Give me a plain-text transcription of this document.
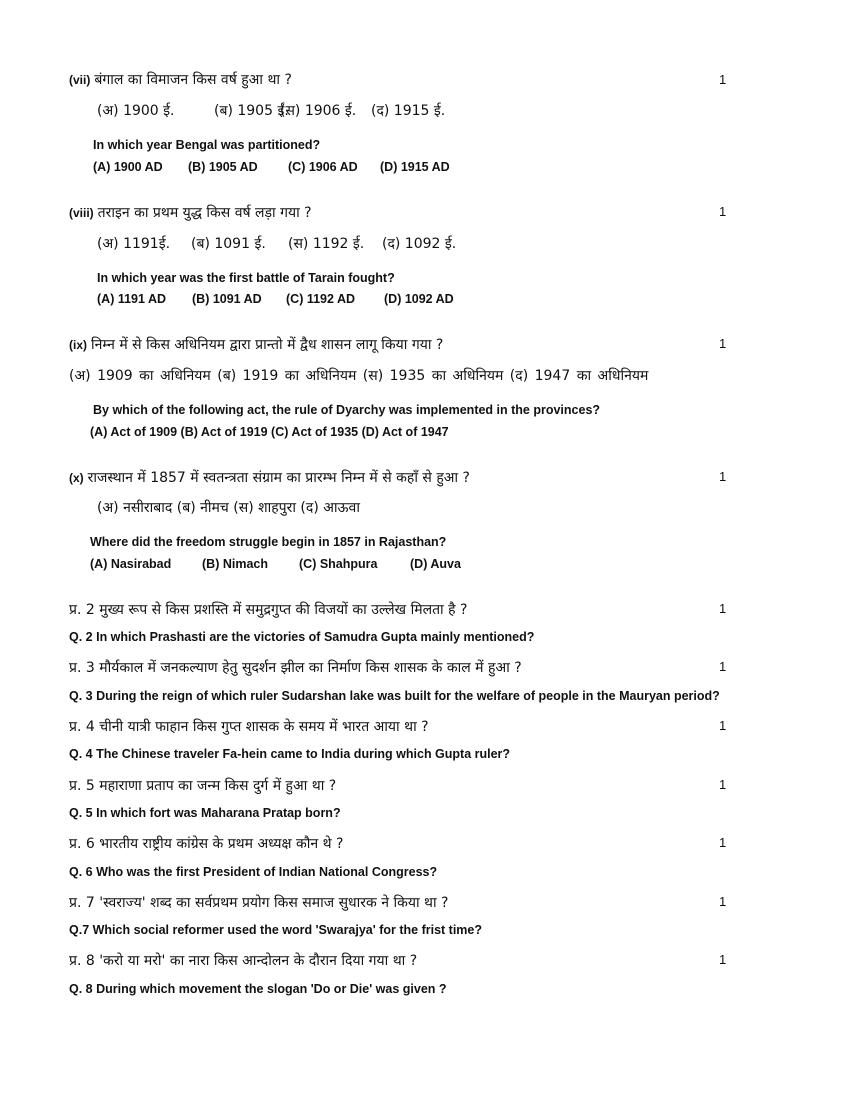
(vii) बंगाल का विमाजन किस वर्ष हुआ था ?	1
(अ) 1900 ई.	(ब) 1905 ई.(स) 1906 ई. (द) 1915 ई.
In which year Bengal was partitioned?
(A) 1900 AD (B) 1905 AD (C) 1906 AD (D) 1915 AD
(viii) तराइन का प्रथम युद्ध किस वर्ष लड़ा गया ?	1
(अ) 1191ई. (ब) 1091 ई. (स) 1192 ई. (द) 1092 ई.
In which year was the first battle of Tarain fought?
(A) 1191 AD (B) 1091 AD (C) 1192 AD (D) 1092 AD
(ix) निम्न में से किस अधिनियम द्वारा प्रान्तो में द्वैध शासन लागू किया गया ?	1
(अ) 1909 का अधिनियम (ब) 1919 का अधिनियम (स) 1935 का अधिनियम (द) 1947 का अधिनियम
By which of the following act, the rule of Dyarchy was implemented in the provinces?
(A) Act of 1909 (B) Act of 1919 (C) Act of 1935 (D) Act of 1947
(x) राजस्थान में 1857 में स्वतन्त्रता संग्राम का प्रारम्भ निम्न में से कहाँ से हुआ ?	1
(अ) नसीराबाद (ब) नीमच (स) शाहपुरा (द) आऊवा
Where did the freedom struggle begin in 1857 in Rajasthan?
(A) Nasirabad (B) Nimach (C) Shahpura	(D) Auva
प्र. 2 मुख्य रूप से किस प्रशस्ति में समुद्रगुप्त की विजयों का उल्लेख मिलता है ?	1
Q. 2 In which Prashasti are the victories of Samudra Gupta mainly mentioned?
प्र. 3 मौर्यकाल में जनकल्याण हेतु सुदर्शन झील का निर्माण किस शासक के काल में हुआ ?	1
Q. 3 During the reign of which ruler Sudarshan lake was built for the welfare of people in the Mauryan period?
प्र. 4 चीनी यात्री फाहान किस गुप्त शासक के समय में भारत आया था ?	1
Q. 4 The Chinese traveler Fa-hein came to India during which Gupta ruler?
प्र. 5 महाराणा प्रताप का जन्म किस दुर्ग में हुआ था ?	1
Q. 5 In which fort was Maharana Pratap born?
प्र. 6 भारतीय राष्ट्रीय कांग्रेस के प्रथम अध्यक्ष कौन थे ?	1
Q. 6 Who was the first President of Indian National Congress?
प्र. 7 'स्वराज्य' शब्द का सर्वप्रथम प्रयोग किस समाज सुधारक ने किया था ?	1
Q.7 Which social reformer used the word 'Swarajya' for the frist time?
प्र. 8 'करो या मरो' का नारा किस आन्दोलन के दौरान दिया गया था ?	1
Q. 8 During which movement the slogan 'Do or Die' was given ?
